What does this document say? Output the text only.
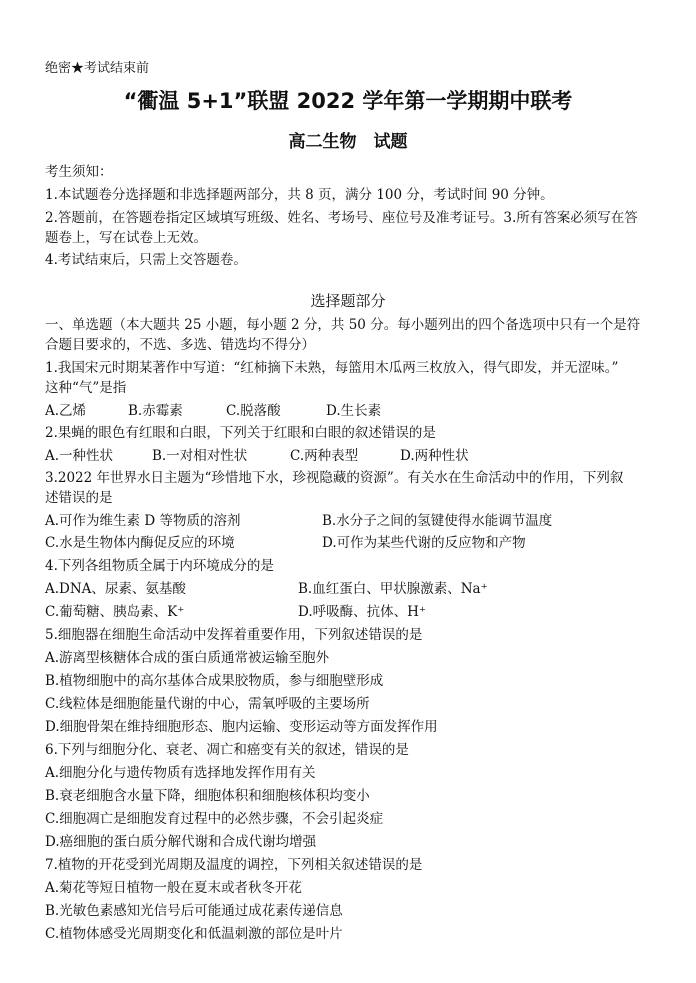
绝密★考试结束前
“衢温 5+1”联盟 2022 学年第一学期期中联考
高二生物　试题
考生须知：
1.本试题卷分选择题和非选择题两部分，共 8 页，满分 100 分，考试时间 90 分钟。
2.答题前，在答题卷指定区域填写班级、姓名、考场号、座位号及准考证号。3.所有答案必须写在答
题卷上，写在试卷上无效。
4.考试结束后，只需上交答题卷。
选择题部分
一、单选题（本大题共 25 小题，每小题 2 分，共 50 分。每小题列出的四个备选项中只有一个是符
合题目要求的，不选、多选、错选均不得分）
1.我国宋元时期某著作中写道：“红柿摘下未熟，每篮用木瓜两三枚放入，得气即发，并无涩味。”
这种“气”是指
A.乙烯	B.赤霉素	C.脱落酸	D.生长素
2.果蝇的眼色有红眼和白眼，下列关于红眼和白眼的叙述错误的是
A.一种性状	B.一对相对性状	C.两种表型	D.两种性状
3.2022 年世界水日主题为“珍惜地下水，珍视隐藏的资源”。有关水在生命活动中的作用，下列叙
述错误的是
A.可作为维生素 D 等物质的溶剂	B.水分子之间的氢键使得水能调节温度
C.水是生物体内酶促反应的环境	D.可作为某些代谢的反应物和产物
4.下列各组物质全属于内环境成分的是
A.DNA、尿素、氨基酸	B.血红蛋白、甲状腺激素、Na⁺
C.葡萄糖、胰岛素、K⁺	D.呼吸酶、抗体、H⁺
5.细胞器在细胞生命活动中发挥着重要作用，下列叙述错误的是
A.游离型核糖体合成的蛋白质通常被运输至胞外
B.植物细胞中的高尔基体合成果胶物质，参与细胞壁形成
C.线粒体是细胞能量代谢的中心，需氧呼吸的主要场所
D.细胞骨架在维持细胞形态、胞内运输、变形运动等方面发挥作用
6.下列与细胞分化、衰老、凋亡和癌变有关的叙述，错误的是
A.细胞分化与遗传物质有选择地发挥作用有关
B.衰老细胞含水量下降，细胞体积和细胞核体积均变小
C.细胞凋亡是细胞发育过程中的必然步骤，不会引起炎症
D.癌细胞的蛋白质分解代谢和合成代谢均增强
7.植物的开花受到光周期及温度的调控，下列相关叙述错误的是
A.菊花等短日植物一般在夏末或者秋冬开花
B.光敏色素感知光信号后可能通过成花素传递信息
C.植物体感受光周期变化和低温刺激的部位是叶片
